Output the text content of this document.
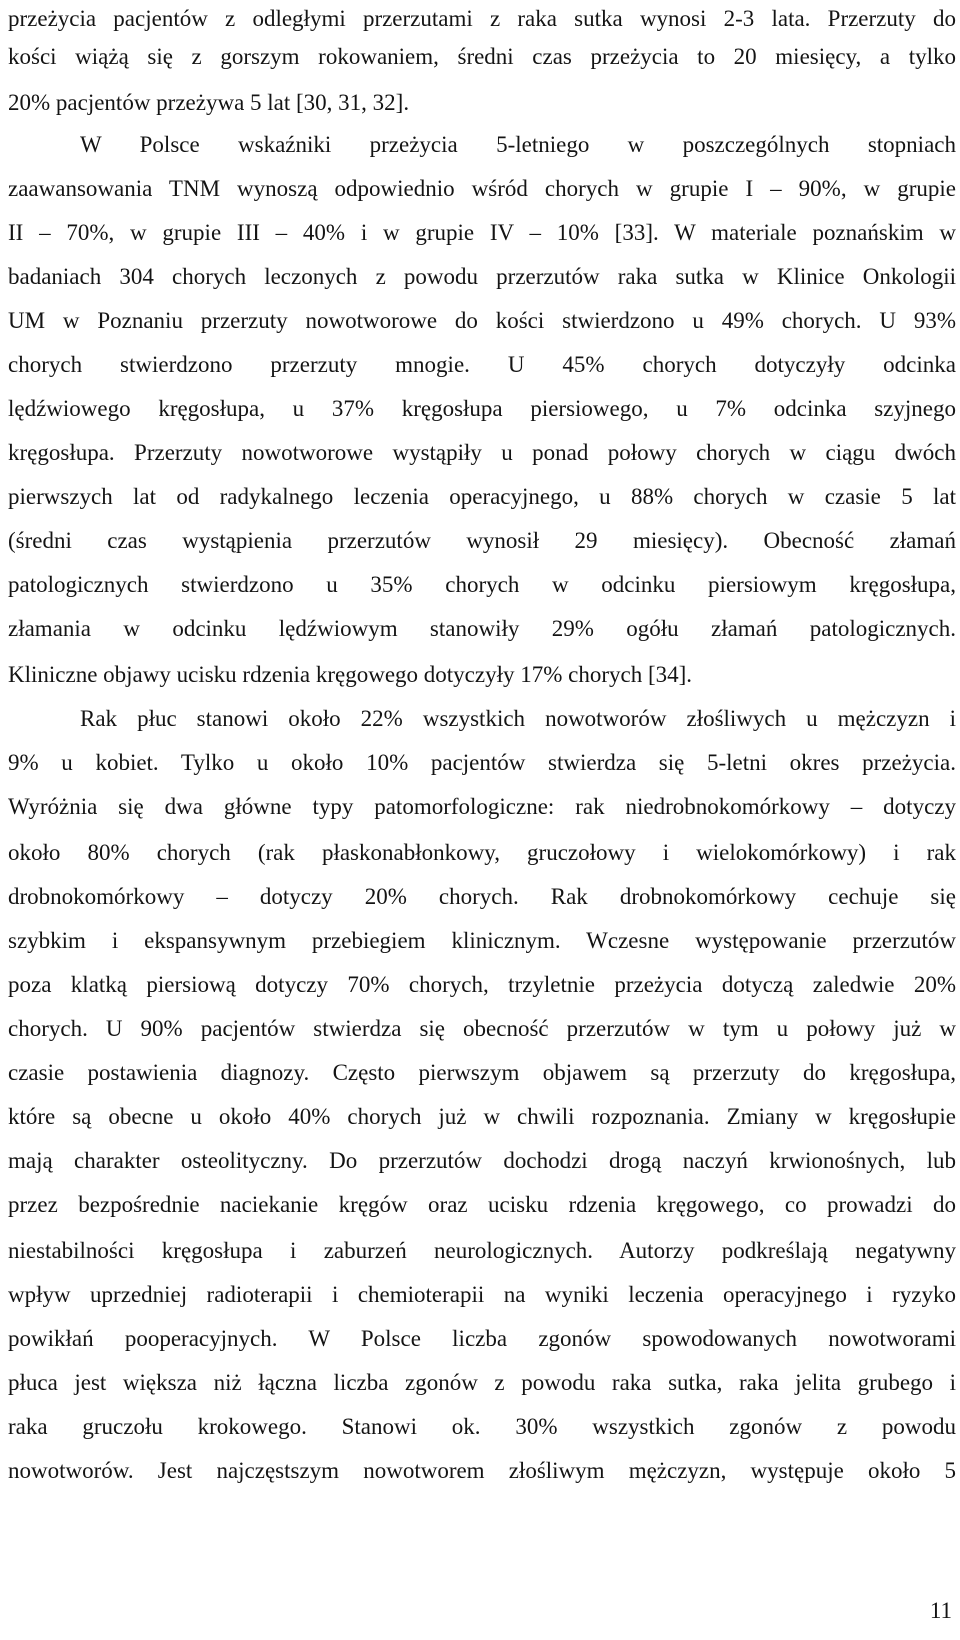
przeżycia pacjentów z odległymi przerzutami z raka sutka wynosi 2-3 lata. Przerzuty do
kości wiążą się z gorszym rokowaniem, średni czas przeżycia to 20 miesięcy, a tylko
20% pacjentów przeżywa 5 lat [30, 31, 32].
W Polsce wskaźniki przeżycia 5-letniego w poszczególnych stopniach
zaawansowania TNM wynoszą odpowiednio wśród chorych w grupie I – 90%, w grupie
II – 70%, w grupie III – 40% i w grupie IV – 10% [33]. W materiale poznańskim w
badaniach 304 chorych leczonych z powodu przerzutów raka sutka w Klinice Onkologii
UM w Poznaniu przerzuty nowotworowe do kości stwierdzono u 49% chorych. U 93%
chorych stwierdzono przerzuty mnogie. U 45% chorych dotyczyły odcinka
lędźwiowego kręgosłupa, u 37% kręgosłupa piersiowego, u 7% odcinka szyjnego
kręgosłupa. Przerzuty nowotworowe wystąpiły u ponad połowy chorych w ciągu dwóch
pierwszych lat od radykalnego leczenia operacyjnego, u 88% chorych w czasie 5 lat
(średni czas wystąpienia przerzutów wynosił 29 miesięcy). Obecność złamań
patologicznych stwierdzono u 35% chorych w odcinku piersiowym kręgosłupa,
złamania w odcinku lędźwiowym stanowiły 29% ogółu złamań patologicznych.
Kliniczne objawy ucisku rdzenia kręgowego dotyczyły 17% chorych [34].
Rak płuc stanowi około 22% wszystkich nowotworów złośliwych u mężczyzn i
9% u kobiet. Tylko u około 10% pacjentów stwierdza się 5-letni okres przeżycia.
Wyróżnia się dwa główne typy patomorfologiczne: rak niedrobnokomórkowy – dotyczy
około 80% chorych (rak płaskonabłonkowy, gruczołowy i wielokomórkowy) i rak
drobnokomórkowy – dotyczy 20% chorych. Rak drobnokomórkowy cechuje się
szybkim i ekspansywnym przebiegiem klinicznym. Wczesne występowanie przerzutów
poza klatką piersiową dotyczy 70% chorych, trzyletnie przeżycia dotyczą zaledwie 20%
chorych. U 90% pacjentów stwierdza się obecność przerzutów w tym u połowy już w
czasie postawienia diagnozy. Często pierwszym objawem są przerzuty do kręgosłupa,
które są obecne u około 40% chorych już w chwili rozpoznania. Zmiany w kręgosłupie
mają charakter osteolityczny. Do przerzutów dochodzi drogą naczyń krwionośnych, lub
przez bezpośrednie naciekanie kręgów oraz ucisku rdzenia kręgowego, co prowadzi do
niestabilności kręgosłupa i zaburzeń neurologicznych. Autorzy podkreślają negatywny
wpływ uprzedniej radioterapii i chemioterapii na wyniki leczenia operacyjnego i ryzyko
powikłań pooperacyjnych. W Polsce liczba zgonów spowodowanych nowotworami
płuca jest większa niż łączna liczba zgonów z powodu raka sutka, raka jelita grubego i
raka gruczołu krokowego. Stanowi ok. 30% wszystkich zgonów z powodu
nowotworów. Jest najczęstszym nowotworem złośliwym mężczyzn, występuje około 5
11
